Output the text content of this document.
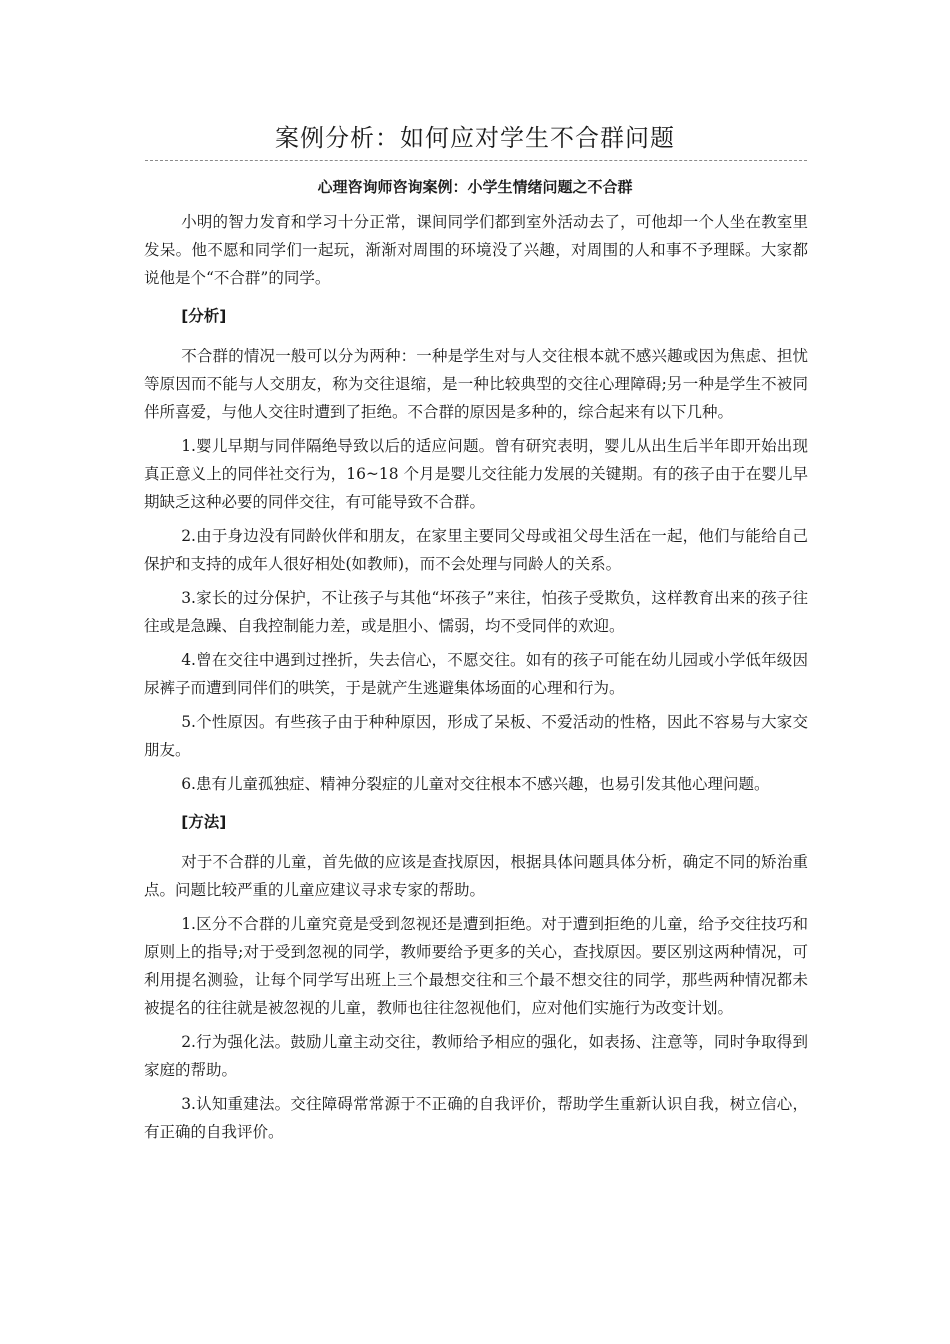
案例分析：如何应对学生不合群问题
心理咨询师咨询案例：小学生情绪问题之不合群

小明的智力发育和学习十分正常，课间同学们都到室外活动去了，可他却一个人坐在教室里发呆。他不愿和同学们一起玩，渐渐对周围的环境没了兴趣，对周围的人和事不予理睬。大家都说他是个“不合群”的同学。

[分析]

不合群的情况一般可以分为两种：一种是学生对与人交往根本就不感兴趣或因为焦虑、担忧等原因而不能与人交朋友，称为交往退缩，是一种比较典型的交往心理障碍;另一种是学生不被同伴所喜爱，与他人交往时遭到了拒绝。不合群的原因是多种的，综合起来有以下几种。

1.婴儿早期与同伴隔绝导致以后的适应问题。曾有研究表明，婴儿从出生后半年即开始出现真正意义上的同伴社交行为，16~18 个月是婴儿交往能力发展的关键期。有的孩子由于在婴儿早期缺乏这种必要的同伴交往，有可能导致不合群。

2.由于身边没有同龄伙伴和朋友，在家里主要同父母或祖父母生活在一起，他们与能给自己保护和支持的成年人很好相处(如教师)，而不会处理与同龄人的关系。

3.家长的过分保护，不让孩子与其他“坏孩子”来往，怕孩子受欺负，这样教育出来的孩子往往或是急躁、自我控制能力差，或是胆小、懦弱，均不受同伴的欢迎。

4.曾在交往中遇到过挫折，失去信心，不愿交往。如有的孩子可能在幼儿园或小学低年级因尿裤子而遭到同伴们的哄笑，于是就产生逃避集体场面的心理和行为。

5.个性原因。有些孩子由于种种原因，形成了呆板、不爱活动的性格，因此不容易与大家交朋友。

6.患有儿童孤独症、精神分裂症的儿童对交往根本不感兴趣，也易引发其他心理问题。

[方法]

对于不合群的儿童，首先做的应该是查找原因，根据具体问题具体分析，确定不同的矫治重点。问题比较严重的儿童应建议寻求专家的帮助。

1.区分不合群的儿童究竟是受到忽视还是遭到拒绝。对于遭到拒绝的儿童，给予交往技巧和原则上的指导;对于受到忽视的同学，教师要给予更多的关心，查找原因。要区别这两种情况，可利用提名测验，让每个同学写出班上三个最想交往和三个最不想交往的同学，那些两种情况都未被提名的往往就是被忽视的儿童，教师也往往忽视他们，应对他们实施行为改变计划。

2.行为强化法。鼓励儿童主动交往，教师给予相应的强化，如表扬、注意等，同时争取得到家庭的帮助。

3.认知重建法。交往障碍常常源于不正确的自我评价，帮助学生重新认识自我，树立信心，有正确的自我评价。
